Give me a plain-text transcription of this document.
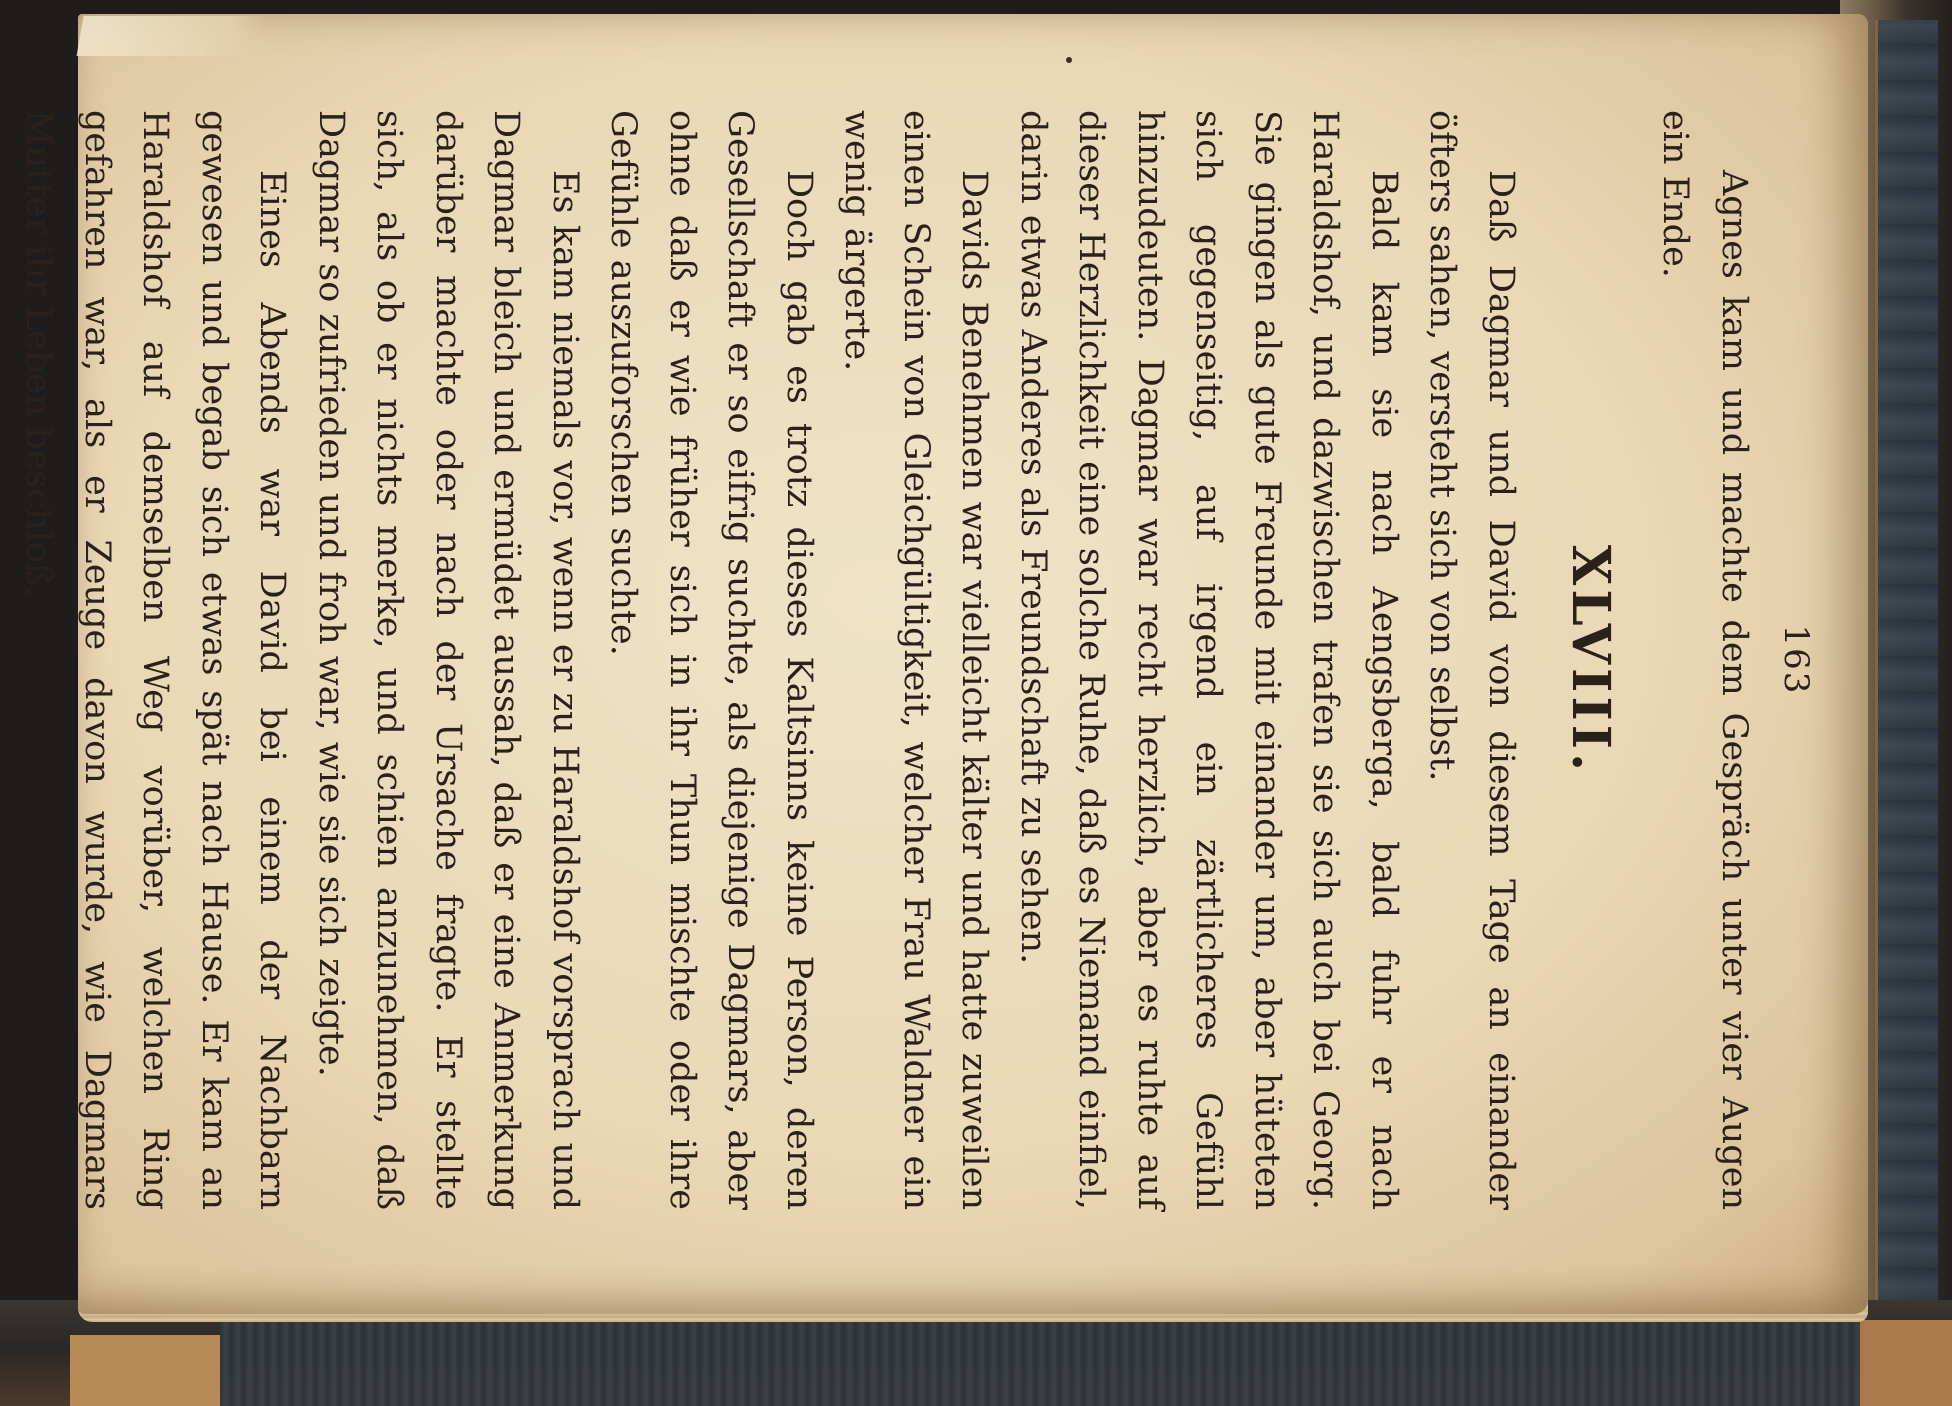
163

Agnes kam und machte dem Gespräch unter vier Augen ein Ende.

XLVIII.

Daß Dagmar und David von diesem Tage an einander öfters sahen, versteht sich von selbst.

Bald kam sie nach Aengsberga, bald fuhr er nach Haraldshof, und dazwischen trafen sie sich auch bei Georg. Sie gingen als gute Freunde mit einander um, aber hüteten sich gegenseitig, auf irgend ein zärtlicheres Gefühl hinzudeuten. Dagmar war recht herzlich, aber es ruhte auf dieser Herzlichkeit eine solche Ruhe, daß es Niemand einfiel, darin etwas Anderes als Freundschaft zu sehen.

Davids Benehmen war vielleicht kälter und hatte zuweilen einen Schein von Gleichgültigkeit, welcher Frau Waldner ein wenig ärgerte.

Doch gab es trotz dieses Kaltsinns keine Person, deren Gesellschaft er so eifrig suchte, als diejenige Dagmars, aber ohne daß er wie früher sich in ihr Thun mischte oder ihre Gefühle auszuforschen suchte.

Es kam niemals vor, wenn er zu Haraldshof vorsprach und Dagmar bleich und ermüdet aussah, daß er eine Anmerkung darüber machte oder nach der Ursache fragte. Er stellte sich, als ob er nichts merke, und schien anzunehmen, daß Dagmar so zufrieden und froh war, wie sie sich zeigte.

Eines Abends war David bei einem der Nachbarn gewesen und begab sich etwas spät nach Hause. Er kam an Haraldshof auf demselben Weg vorüber, welchen Ring gefahren war, als er Zeuge davon wurde, wie Dagmars Mutter ihr Leben beschloß.
